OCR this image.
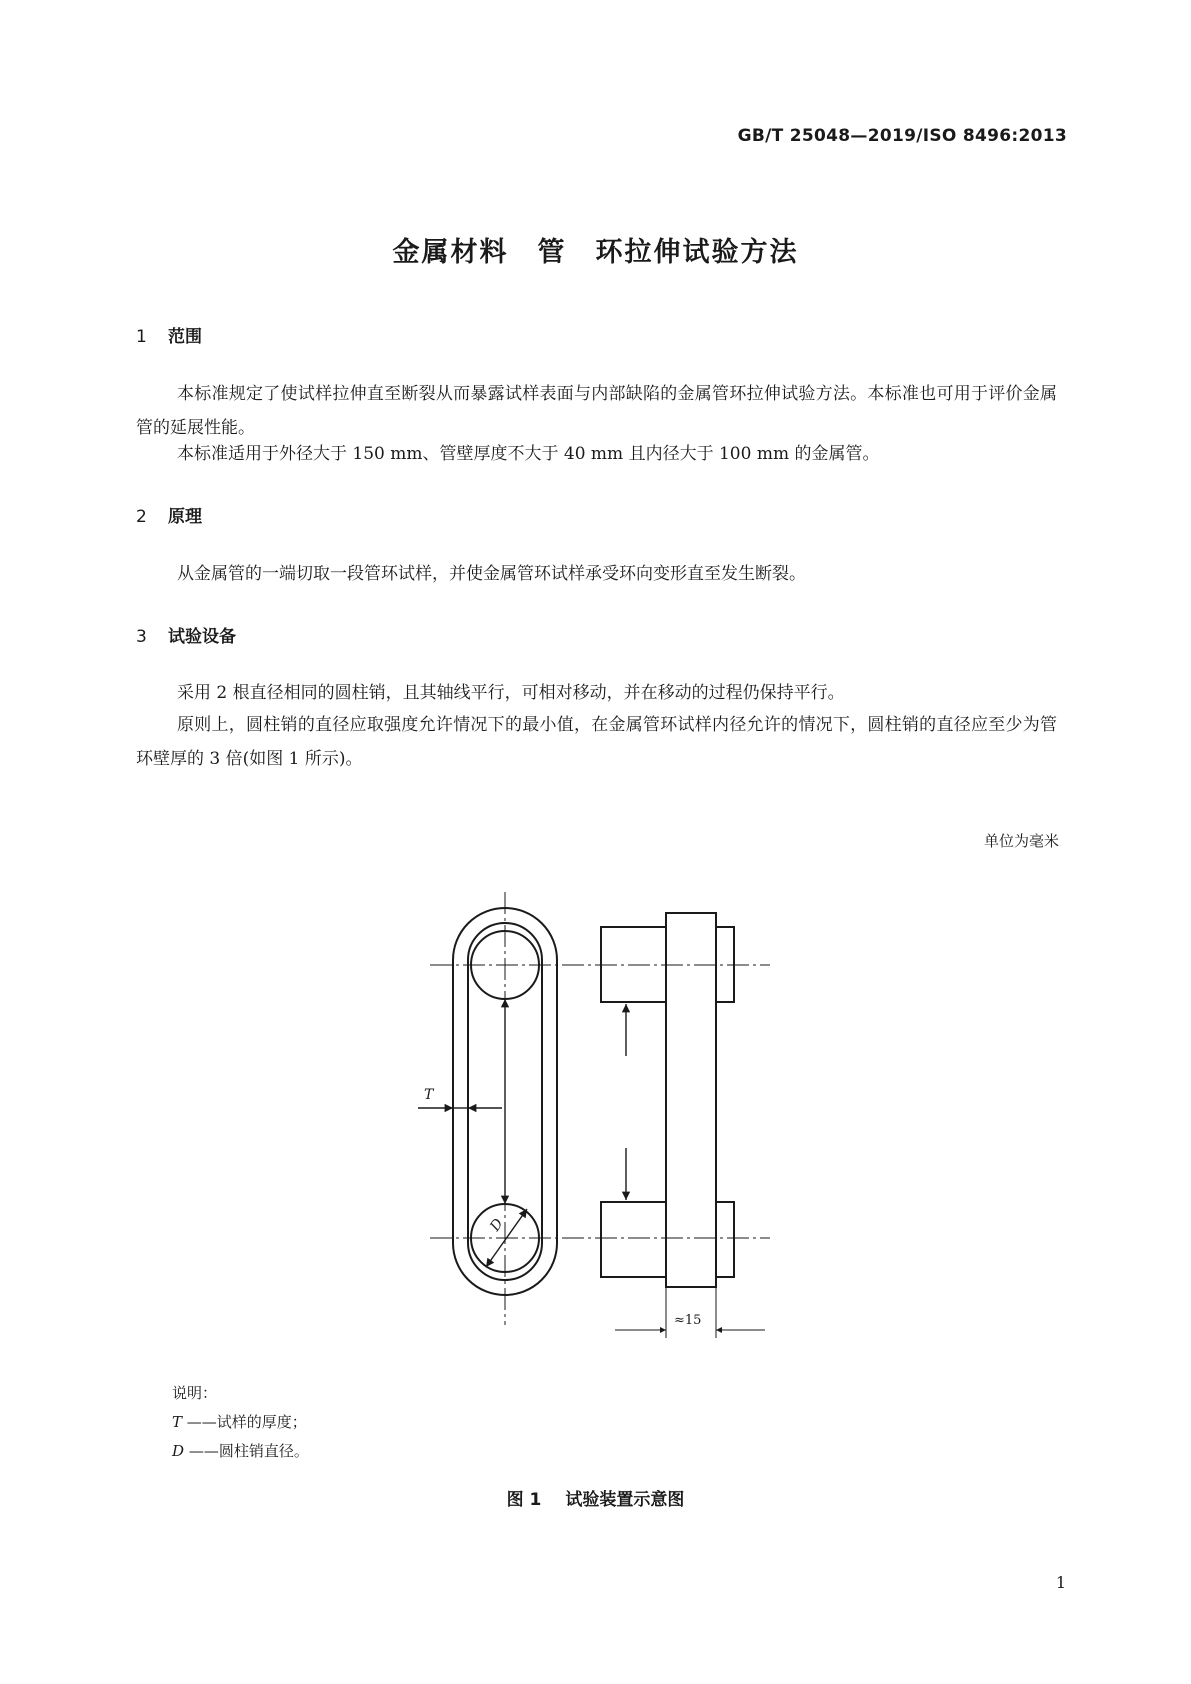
GB/T 25048—2019/ISO 8496:2013
金属材料　管　环拉伸试验方法
1 范围
本标准规定了使试样拉伸直至断裂从而暴露试样表面与内部缺陷的金属管环拉伸试验方法。本标准也可用于评价金属管的延展性能。
本标准适用于外径大于 150 mm、管壁厚度不大于 40 mm 且内径大于 100 mm 的金属管。
2 原理
从金属管的一端切取一段管环试样，并使金属管环试样承受环向变形直至发生断裂。
3 试验设备
采用 2 根直径相同的圆柱销，且其轴线平行，可相对移动，并在移动的过程仍保持平行。
原则上，圆柱销的直径应取强度允许情况下的最小值，在金属管环试样内径允许的情况下，圆柱销的直径应至少为管环壁厚的 3 倍(如图 1 所示)。
单位为毫米
T
D
≈15
说明：
T ——试样的厚度；
D ——圆柱销直径。
图 1 试验装置示意图
1
